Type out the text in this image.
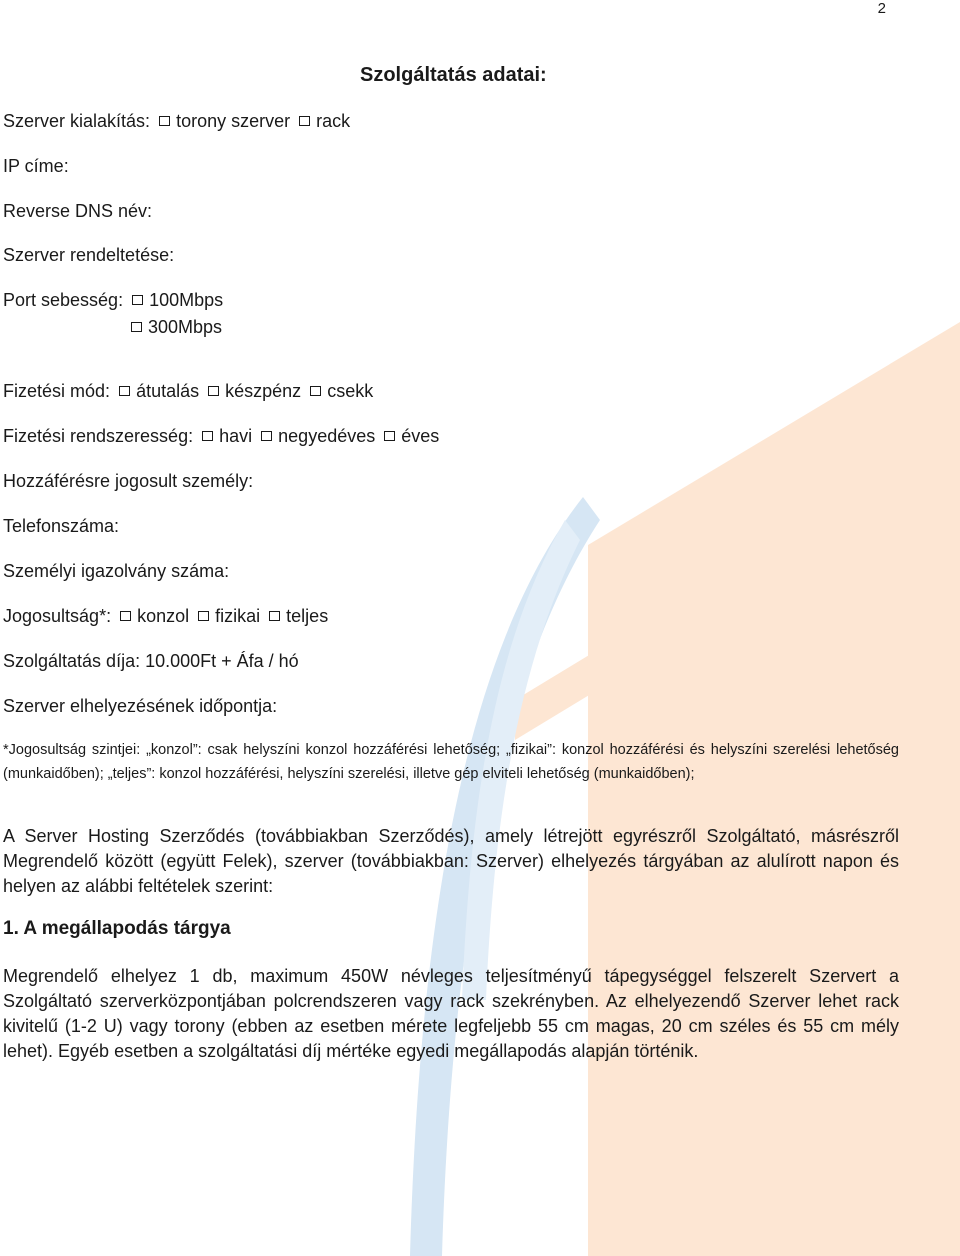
2
Szolgáltatás adatai:
Szerver kialakítás: torony szerver rack
IP címe:
Reverse DNS név:
Szerver rendeltetése:
Port sebesség: 100Mbps
300Mbps
Fizetési mód: átutalás készpénz csekk
Fizetési rendszeresség: havi negyedéves éves
Hozzáférésre jogosult személy:
Telefonszáma:
Személyi igazolvány száma:
Jogosultság*: konzol fizikai teljes
Szolgáltatás díja: 10.000Ft + Áfa / hó
Szerver elhelyezésének időpontja:
*Jogosultság szintjei: „konzol”: csak helyszíni konzol hozzáférési lehetőség; „fizikai”: konzol hozzáférési és helyszíni szerelési lehetőség (munkaidőben); „teljes”: konzol hozzáférési, helyszíni szerelési, illetve gép elviteli lehetőség (munkaidőben);
A Server Hosting Szerződés (továbbiakban Szerződés), amely létrejött egyrészről Szolgáltató, másrészről Megrendelő között (együtt Felek), szerver (továbbiakban: Szerver) elhelyezés tárgyában az alulírott napon és helyen az alábbi feltételek szerint:
1. A megállapodás tárgya
Megrendelő elhelyez 1 db, maximum 450W névleges teljesítményű tápegységgel felszerelt Szervert a Szolgáltató szerverközpontjában polcrendszeren vagy rack szekrényben. Az elhelyezendő Szerver lehet rack kivitelű (1-2 U) vagy torony (ebben az esetben mérete legfeljebb 55 cm magas, 20 cm széles és 55 cm mély lehet). Egyéb esetben a szolgáltatási díj mértéke egyedi megállapodás alapján történik.
